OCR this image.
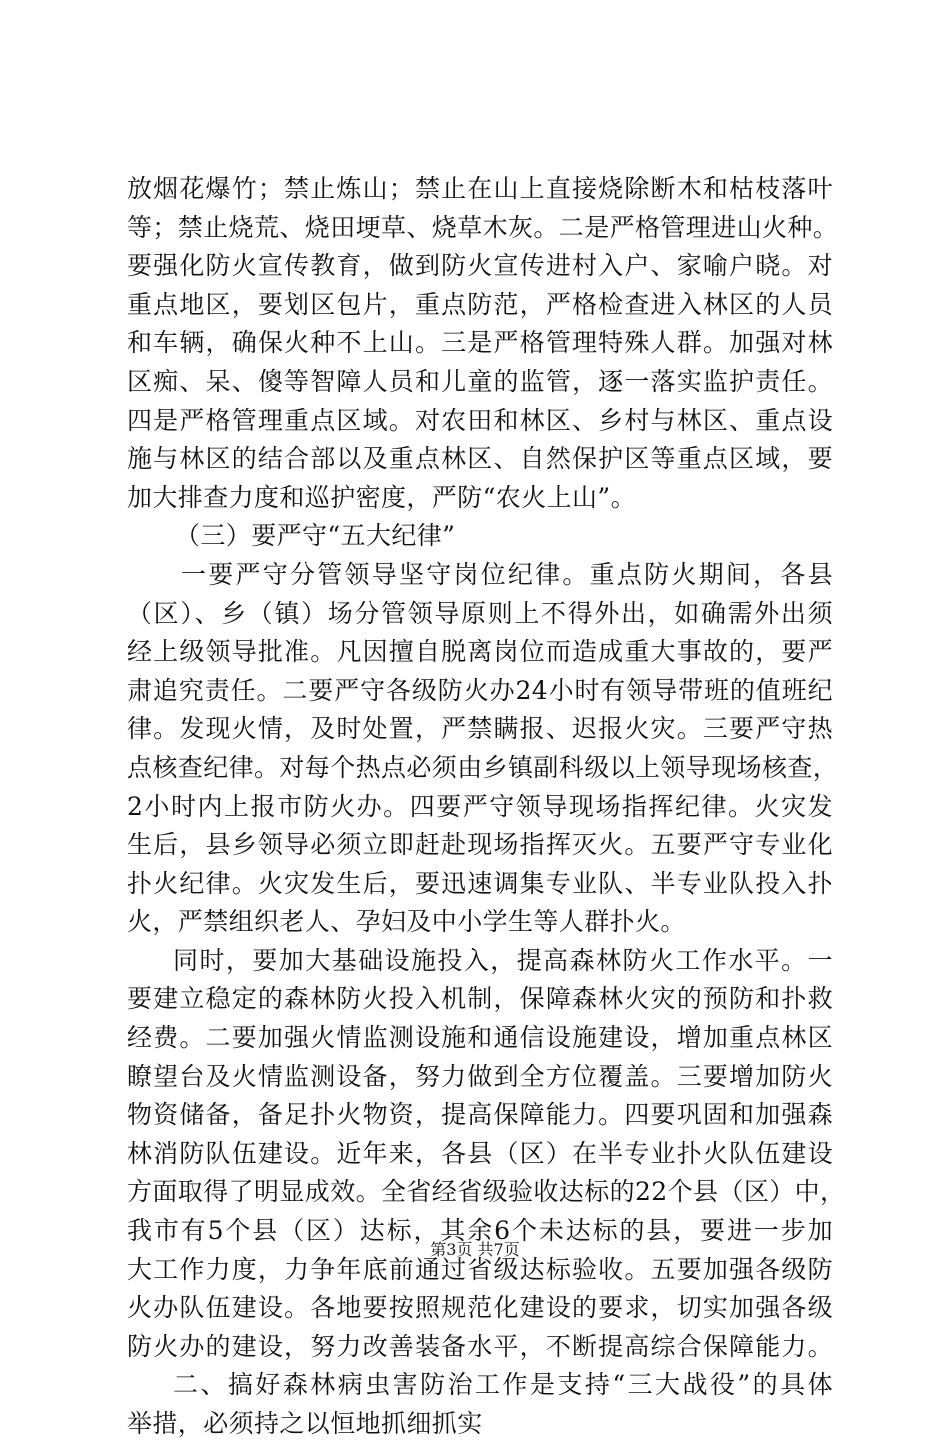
放烟花爆竹；禁止炼山；禁止在山上直接烧除断木和枯枝落叶
等；禁止烧荒、烧田埂草、烧草木灰。二是严格管理进山火种。
要强化防火宣传教育，做到防火宣传进村入户、家喻户晓。对
重点地区，要划区包片，重点防范，严格检查进入林区的人员
和车辆，确保火种不上山。三是严格管理特殊人群。加强对林
区痴、呆、傻等智障人员和儿童的监管，逐一落实监护责任。
四是严格管理重点区域。对农田和林区、乡村与林区、重点设
施与林区的结合部以及重点林区、自然保护区等重点区域，要
加大排查力度和巡护密度，严防“农火上山”。
（三）要严守“五大纪律”
一要严守分管领导坚守岗位纪律。重点防火期间，各县
（区）、乡（镇）场分管领导原则上不得外出，如确需外出须
经上级领导批准。凡因擅自脱离岗位而造成重大事故的，要严
肃追究责任。二要严守各级防火办24小时有领导带班的值班纪
律。发现火情，及时处置，严禁瞒报、迟报火灾。三要严守热
点核查纪律。对每个热点必须由乡镇副科级以上领导现场核查，
2小时内上报市防火办。四要严守领导现场指挥纪律。火灾发
生后，县乡领导必须立即赶赴现场指挥灭火。五要严守专业化
扑火纪律。火灾发生后，要迅速调集专业队、半专业队投入扑
火，严禁组织老人、孕妇及中小学生等人群扑火。
同时，要加大基础设施投入，提高森林防火工作水平。一
要建立稳定的森林防火投入机制，保障森林火灾的预防和扑救
经费。二要加强火情监测设施和通信设施建设，增加重点林区
瞭望台及火情监测设备，努力做到全方位覆盖。三要增加防火
物资储备，备足扑火物资，提高保障能力。四要巩固和加强森
林消防队伍建设。近年来，各县（区）在半专业扑火队伍建设
方面取得了明显成效。全省经省级验收达标的22个县（区）中，
我市有5个县（区）达标，其余6个未达标的县，要进一步加
大工作力度，力争年底前通过省级达标验收。五要加强各级防
火办队伍建设。各地要按照规范化建设的要求，切实加强各级
防火办的建设，努力改善装备水平，不断提高综合保障能力。
二、搞好森林病虫害防治工作是支持“三大战役”的具体
举措，必须持之以恒地抓细抓实
第3页 共7页
